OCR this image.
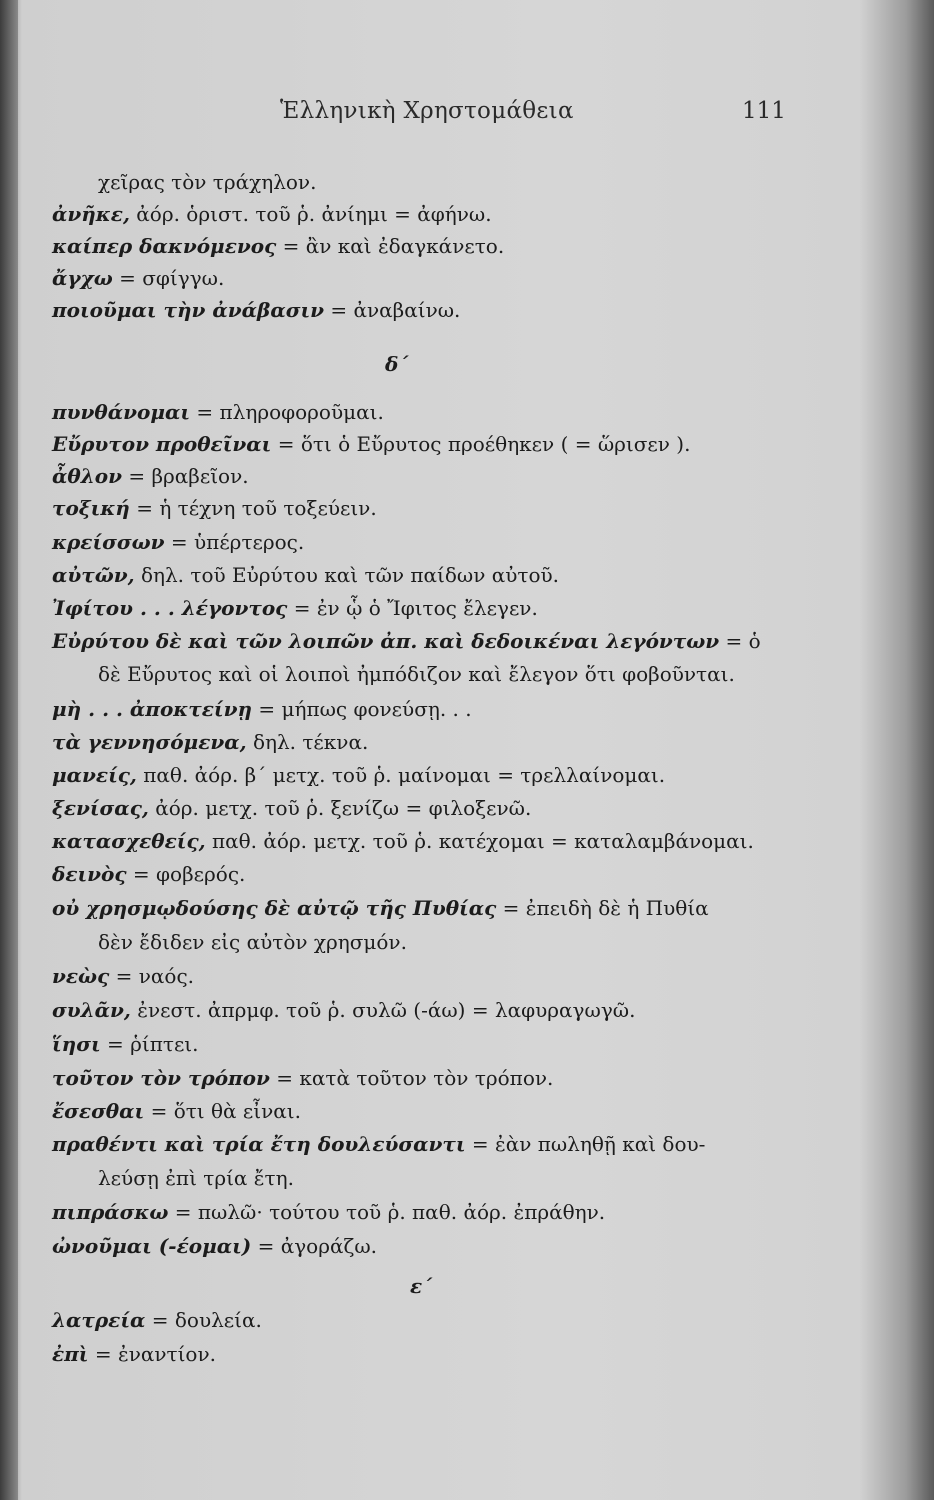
Ἑλληνικὴ Χρηστομάθεια	111
χεῖρας τὸν τράχηλον.
ἀνῆκε, ἀόρ. ὁριστ. τοῦ ῥ. ἀνίημι = ἀφήνω.
καίπερ δακνόμενος = ἂν καὶ ἐδαγκάνετο.
ἄγχω = σφίγγω.
ποιοῦμαι τὴν ἀνάβασιν = ἀναβαίνω.
πυνθάνομαι = πληροφοροῦμαι.
Εὔρυτον προθεῖναι = ὅτι ὁ Εὔρυτος προέθηκεν ( = ὥρισεν ).
ἆθλον = βραβεῖον.
τοξική = ἡ τέχνη τοῦ τοξεύειν.
κρείσσων = ὑπέρτερος.
αὐτῶν, δηλ. τοῦ Εὐρύτου καὶ τῶν παίδων αὐτοῦ.
Ἰφίτου . . . λέγοντος = ἐν ᾧ ὁ Ἴφιτος ἔλεγεν.
Εὐρύτου δὲ καὶ τῶν λοιπῶν ἀπ. καὶ δεδοικέναι λεγόντων = ὁ
δὲ Εὔρυτος καὶ οἱ λοιποὶ ἠμπόδιζον καὶ ἔλεγον ὅτι φοβοῦνται.
μὴ . . . ἀποκτείνῃ = μήπως φονεύσῃ. . .
τὰ γεννησόμενα, δηλ. τέκνα.
μανείς, παθ. ἀόρ. β΄ μετχ. τοῦ ῥ. μαίνομαι = τρελλαίνομαι.
ξενίσας, ἀόρ. μετχ. τοῦ ῥ. ξενίζω = φιλοξενῶ.
κατασχεθείς, παθ. ἀόρ. μετχ. τοῦ ῥ. κατέχομαι = καταλαμβάνομαι.
δεινὸς = φοβερός.
οὐ χρησμῳδούσης δὲ αὐτῷ τῆς Πυθίας = ἐπειδὴ δὲ ἡ Πυθία
δὲν ἔδιδεν εἰς αὐτὸν χρησμόν.
νεὼς = ναός.
συλᾶν, ἐνεστ. ἀπρμφ. τοῦ ῥ. συλῶ (-άω) = λαφυραγωγῶ.
ἵησι = ῥίπτει.
τοῦτον τὸν τρόπον = κατὰ τοῦτον τὸν τρόπον.
ἔσεσθαι = ὅτι θὰ εἶναι.
πραθέντι καὶ τρία ἔτη δουλεύσαντι = ἐὰν πωληθῇ καὶ δου-
λεύσῃ ἐπὶ τρία ἔτη.
πιπράσκω = πωλῶ· τούτου τοῦ ῥ. παθ. ἀόρ. ἐπράθην.
ὠνοῦμαι (-έομαι) = ἀγοράζω.
λατρεία = δουλεία.
ἐπὶ = ἐναντίον.
δ΄
ε΄
